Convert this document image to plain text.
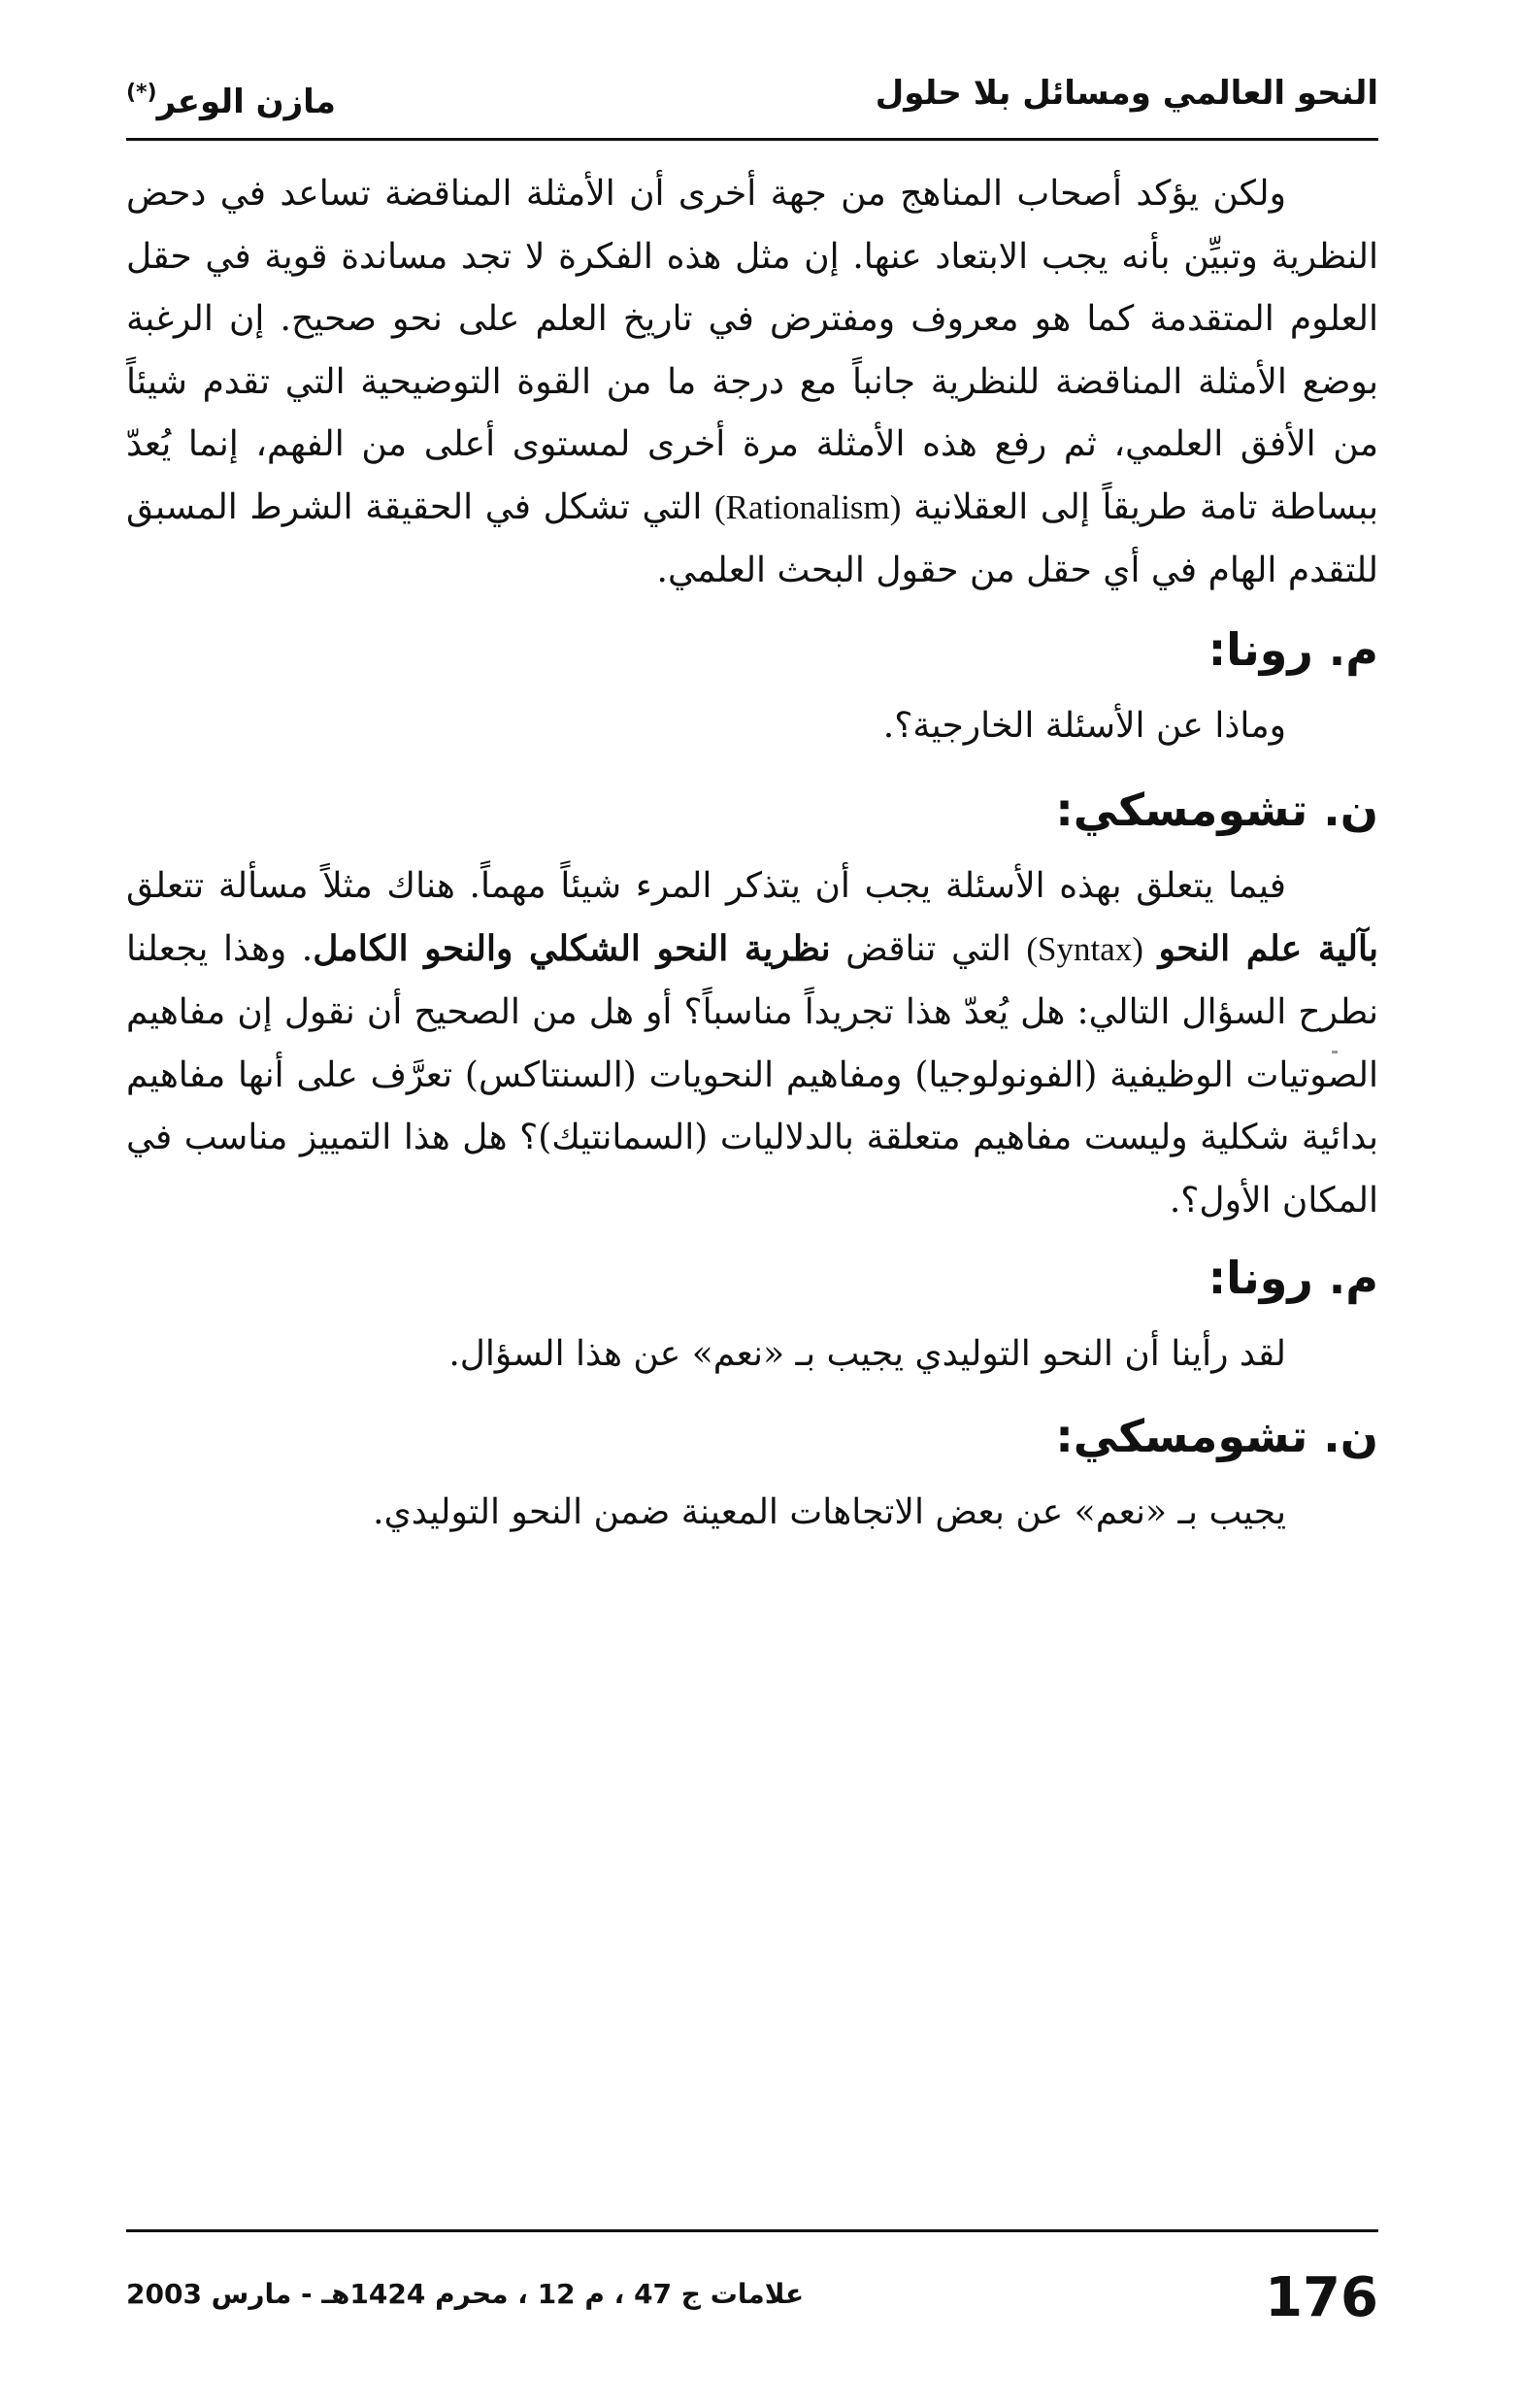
النحو العالمي ومسائل بلا حلول
مازن الوعر(*)

ولكن يؤكد أصحاب المناهج من جهة أخرى أن الأمثلة المناقضة تساعد في دحض النظرية وتبيِّن بأنه يجب الابتعاد عنها. إن مثل هذه الفكرة لا تجد مساندة قوية في حقل العلوم المتقدمة كما هو معروف ومفترض في تاريخ العلم على نحو صحيح. إن الرغبة بوضع الأمثلة المناقضة للنظرية جانباً مع درجة ما من القوة التوضيحية التي تقدم شيئاً من الأفق العلمي، ثم رفع هذه الأمثلة مرة أخرى لمستوى أعلى من الفهم، إنما يُعدّ ببساطة تامة طريقاً إلى العقلانية (Rationalism) التي تشكل في الحقيقة الشرط المسبق للتقدم الهام في أي حقل من حقول البحث العلمي.

م. رونا:

وماذا عن الأسئلة الخارجية؟.

ن. تشومسكي:

فيما يتعلق بهذه الأسئلة يجب أن يتذكر المرء شيئاً مهماً. هناك مثلاً مسألة تتعلق بآلية علم النحو (Syntax) التي تناقض نظرية النحو الشكلي والنحو الكامل. وهذا يجعلنا نطرح السؤال التالي: هل يُعدّ هذا تجريداً مناسباً؟ أو هل من الصحيح أن نقول إن مفاهيم الصوتيات الوظيفية (الفونولوجيا) ومفاهيم النحويات (السنتاكس) تعرَّف على أنها مفاهيم بدائية شكلية وليست مفاهيم متعلقة بالدلاليات (السمانتيك)؟ هل هذا التمييز مناسب في المكان الأول؟.

م. رونا:

لقد رأينا أن النحو التوليدي يجيب بـ «نعم» عن هذا السؤال.

ن. تشومسكي:

يجيب بـ «نعم» عن بعض الاتجاهات المعينة ضمن النحو التوليدي.

176
علامات ج 47 ، م 12 ، محرم 1424هـ - مارس 2003
